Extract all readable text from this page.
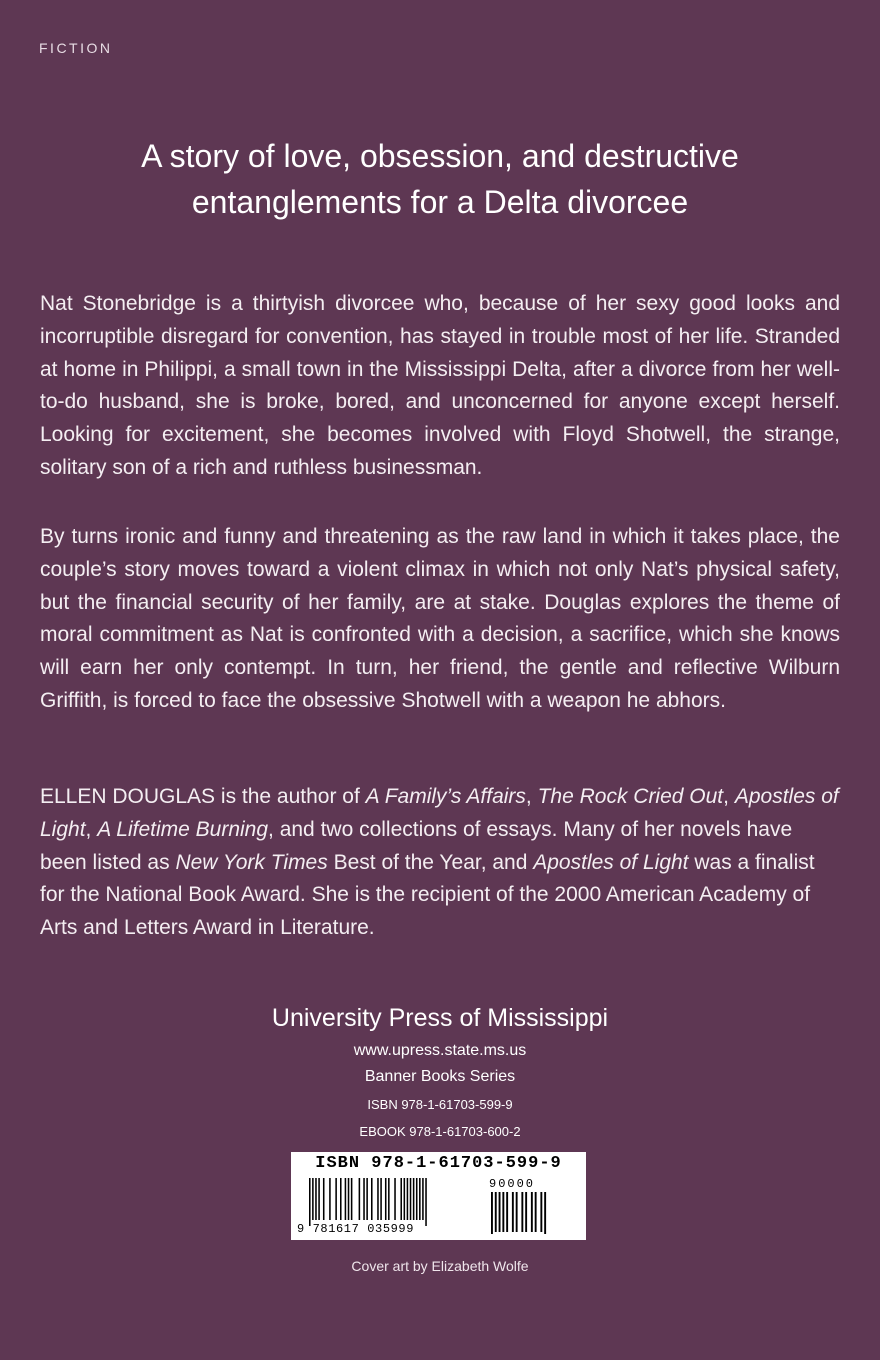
FICTION

A story of love, obsession, and destructive
entanglements for a Delta divorcee

Nat Stonebridge is a thirtyish divorcee who, because of her sexy good looks and incorruptible disregard for convention, has stayed in trouble most of her life. Stranded at home in Philippi, a small town in the Mississippi Delta, after a divorce from her well-to-do husband, she is broke, bored, and unconcerned for anyone except herself. Looking for excitement, she becomes involved with Floyd Shotwell, the strange, solitary son of a rich and ruthless businessman.

By turns ironic and funny and threatening as the raw land in which it takes place, the couple’s story moves toward a violent climax in which not only Nat’s physical safety, but the financial security of her family, are at stake. Douglas explores the theme of moral commitment as Nat is confronted with a decision, a sacrifice, which she knows will earn her only contempt. In turn, her friend, the gentle and reflective Wilburn Griffith, is forced to face the obsessive Shotwell with a weapon he abhors.

ELLEN DOUGLAS is the author of A Family’s Affairs, The Rock Cried Out, Apostles of Light, A Lifetime Burning, and two collections of essays. Many of her novels have been listed as New York Times Best of the Year, and Apostles of Light was a finalist for the National Book Award. She is the recipient of the 2000 American Academy of Arts and Letters Award in Literature.

University Press of Mississippi

www.upress.state.ms.us

Banner Books Series

ISBN 978-1-61703-599-9

EBOOK 978-1-61703-600-2

ISBN 978-1-61703-599-9

90000

9 781617 035999

Cover art by Elizabeth Wolfe
